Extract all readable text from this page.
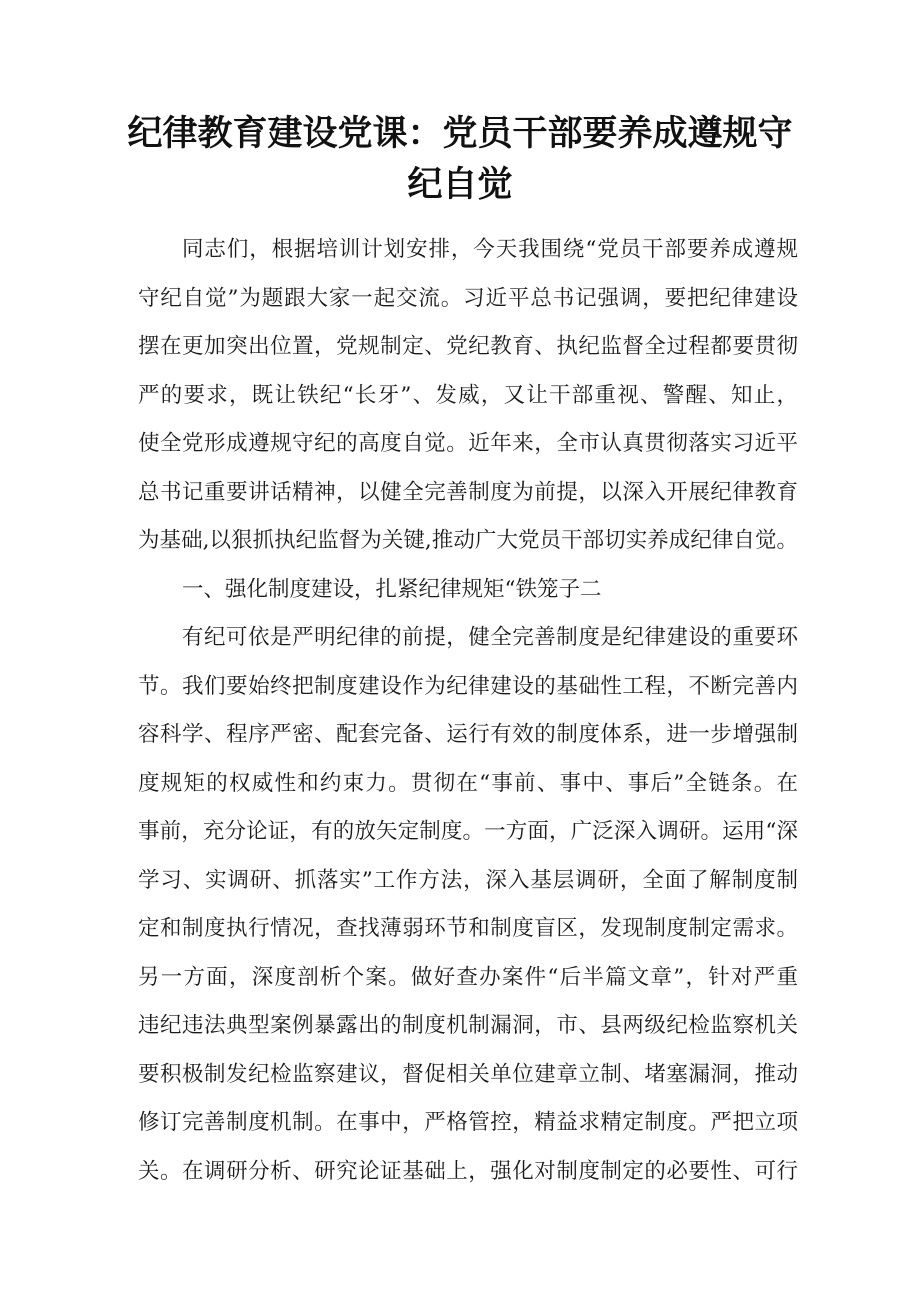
纪律教育建设党课：党员干部要养成遵规守
纪自觉
同志们，根据培训计划安排，今天我围绕“党员干部要养成遵规
守纪自觉”为题跟大家一起交流。习近平总书记强调，要把纪律建设
摆在更加突出位置，党规制定、党纪教育、执纪监督全过程都要贯彻
严的要求，既让铁纪“长牙”、发威，又让干部重视、警醒、知止，
使全党形成遵规守纪的高度自觉。近年来，全市认真贯彻落实习近平
总书记重要讲话精神，以健全完善制度为前提，以深入开展纪律教育
为基础,以狠抓执纪监督为关键,推动广大党员干部切实养成纪律自觉。
一、强化制度建设，扎紧纪律规矩“铁笼子二
有纪可依是严明纪律的前提，健全完善制度是纪律建设的重要环
节。我们要始终把制度建设作为纪律建设的基础性工程，不断完善内
容科学、程序严密、配套完备、运行有效的制度体系，进一步增强制
度规矩的权威性和约束力。贯彻在“事前、事中、事后”全链条。在
事前，充分论证，有的放矢定制度。一方面，广泛深入调研。运用“深
学习、实调研、抓落实”工作方法，深入基层调研，全面了解制度制
定和制度执行情况，查找薄弱环节和制度盲区，发现制度制定需求。
另一方面，深度剖析个案。做好查办案件“后半篇文章”，针对严重
违纪违法典型案例暴露出的制度机制漏洞，市、县两级纪检监察机关
要积极制发纪检监察建议，督促相关单位建章立制、堵塞漏洞，推动
修订完善制度机制。在事中，严格管控，精益求精定制度。严把立项
关。在调研分析、研究论证基础上，强化对制度制定的必要性、可行
